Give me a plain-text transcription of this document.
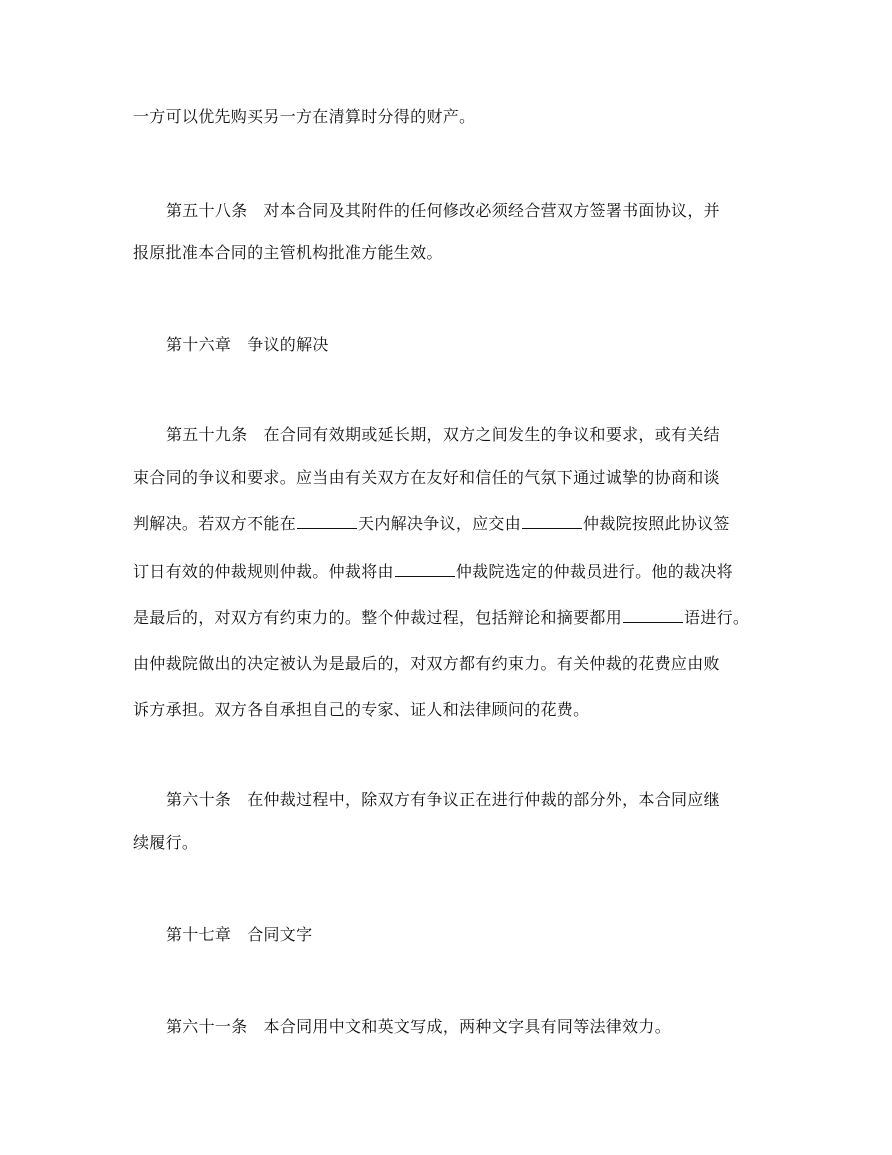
一方可以优先购买另一方在清算时分得的财产。
第五十八条 对本合同及其附件的任何修改必须经合营双方签署书面协议，并
报原批准本合同的主管机构批准方能生效。
第十六章 争议的解决
第五十九条 在合同有效期或延长期，双方之间发生的争议和要求，或有关结
束合同的争议和要求。应当由有关双方在友好和信任的气氛下通过诚挚的协商和谈
判解决。若双方不能在	天内解决争议，应交由	仲裁院按照此协议签
订日有效的仲裁规则仲裁。仲裁将由	仲裁院选定的仲裁员进行。他的裁决将
是最后的，对双方有约束力的。整个仲裁过程，包括辩论和摘要都用	语进行。
由仲裁院做出的决定被认为是最后的，对双方都有约束力。有关仲裁的花费应由败
诉方承担。双方各自承担自己的专家、证人和法律顾问的花费。
第六十条 在仲裁过程中，除双方有争议正在进行仲裁的部分外，本合同应继
续履行。
第十七章 合同文字
第六十一条 本合同用中文和英文写成，两种文字具有同等法律效力。
